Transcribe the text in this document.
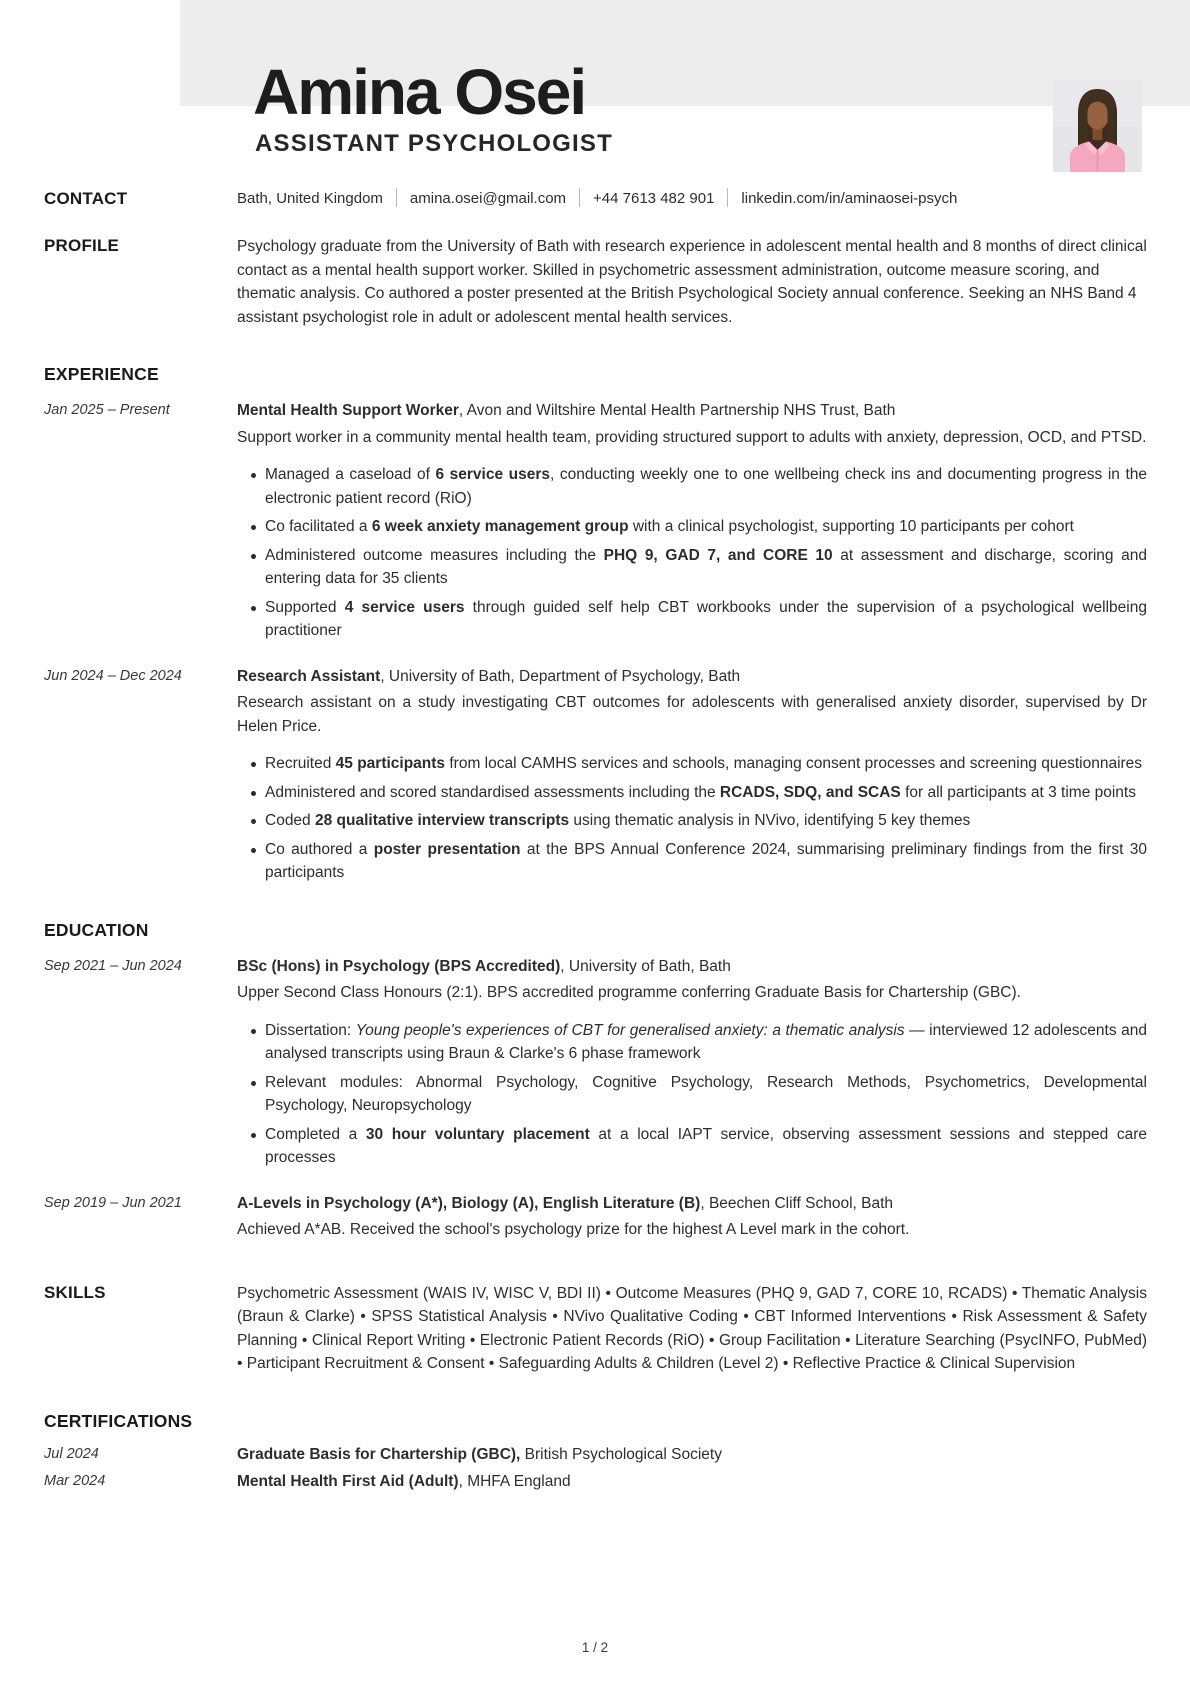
Amina Osei
ASSISTANT PSYCHOLOGIST
CONTACT	Bath, United Kingdom amina.osei@gmail.com +44 7613 482 901 linkedin.com/in/aminaosei-psych
PROFILE	Psychology graduate from the University of Bath with research experience in adolescent mental health and 8 months of direct clinical contact as a mental health support worker. Skilled in psychometric assessment administration, outcome measure scoring, and thematic analysis. Co authored a poster presented at the British Psychological Society annual conference. Seeking an NHS Band 4 assistant psychologist role in adult or adolescent mental health services.

EXPERIENCE
Jan 2025 – Present	Mental Health Support Worker, Avon and Wiltshire Mental Health Partnership NHS Trust, Bath

Support worker in a community mental health team, providing structured support to adults with anxiety, depression, OCD, and PTSD.

Managed a caseload of 6 service users, conducting weekly one to one wellbeing check ins and documenting progress in the electronic patient record (RiO)
Co facilitated a 6 week anxiety management group with a clinical psychologist, supporting 10 participants per cohort
Administered outcome measures including the PHQ 9, GAD 7, and CORE 10 at assessment and discharge, scoring and entering data for 35 clients
Supported 4 service users through guided self help CBT workbooks under the supervision of a psychological wellbeing practitioner
Jun 2024 – Dec 2024	Research Assistant, University of Bath, Department of Psychology, Bath

Research assistant on a study investigating CBT outcomes for adolescents with generalised anxiety disorder, supervised by Dr Helen Price.

Recruited 45 participants from local CAMHS services and schools, managing consent processes and screening questionnaires
Administered and scored standardised assessments including the RCADS, SDQ, and SCAS for all participants at 3 time points
Coded 28 qualitative interview transcripts using thematic analysis in NVivo, identifying 5 key themes
Co authored a poster presentation at the BPS Annual Conference 2024, summarising preliminary findings from the first 30 participants
EDUCATION
Sep 2021 – Jun 2024	BSc (Hons) in Psychology (BPS Accredited), University of Bath, Bath

Upper Second Class Honours (2:1). BPS accredited programme conferring Graduate Basis for Chartership (GBC).

Dissertation: Young people's experiences of CBT for generalised anxiety: a thematic analysis — interviewed 12 adolescents and analysed transcripts using Braun & Clarke's 6 phase framework
Relevant modules: Abnormal Psychology, Cognitive Psychology, Research Methods, Psychometrics, Developmental Psychology, Neuropsychology
Completed a 30 hour voluntary placement at a local IAPT service, observing assessment sessions and stepped care processes
Sep 2019 – Jun 2021	A-Levels in Psychology (A*), Biology (A), English Literature (B), Beechen Cliff School, Bath

Achieved A*AB. Received the school's psychology prize for the highest A Level mark in the cohort.

SKILLS	Psychometric Assessment (WAIS IV, WISC V, BDI II) • Outcome Measures (PHQ 9, GAD 7, CORE 10, RCADS) • Thematic Analysis (Braun & Clarke) • SPSS Statistical Analysis • NVivo Qualitative Coding • CBT Informed Interventions • Risk Assessment & Safety Planning • Clinical Report Writing • Electronic Patient Records (RiO) • Group Facilitation • Literature Searching (PsycINFO, PubMed) • Participant Recruitment & Consent • Safeguarding Adults & Children (Level 2) • Reflective Practice & Clinical Supervision

CERTIFICATIONS
Jul 2024	Graduate Basis for Chartership (GBC), British Psychological Society

Mar 2024	Mental Health First Aid (Adult), MHFA England

1 / 2
